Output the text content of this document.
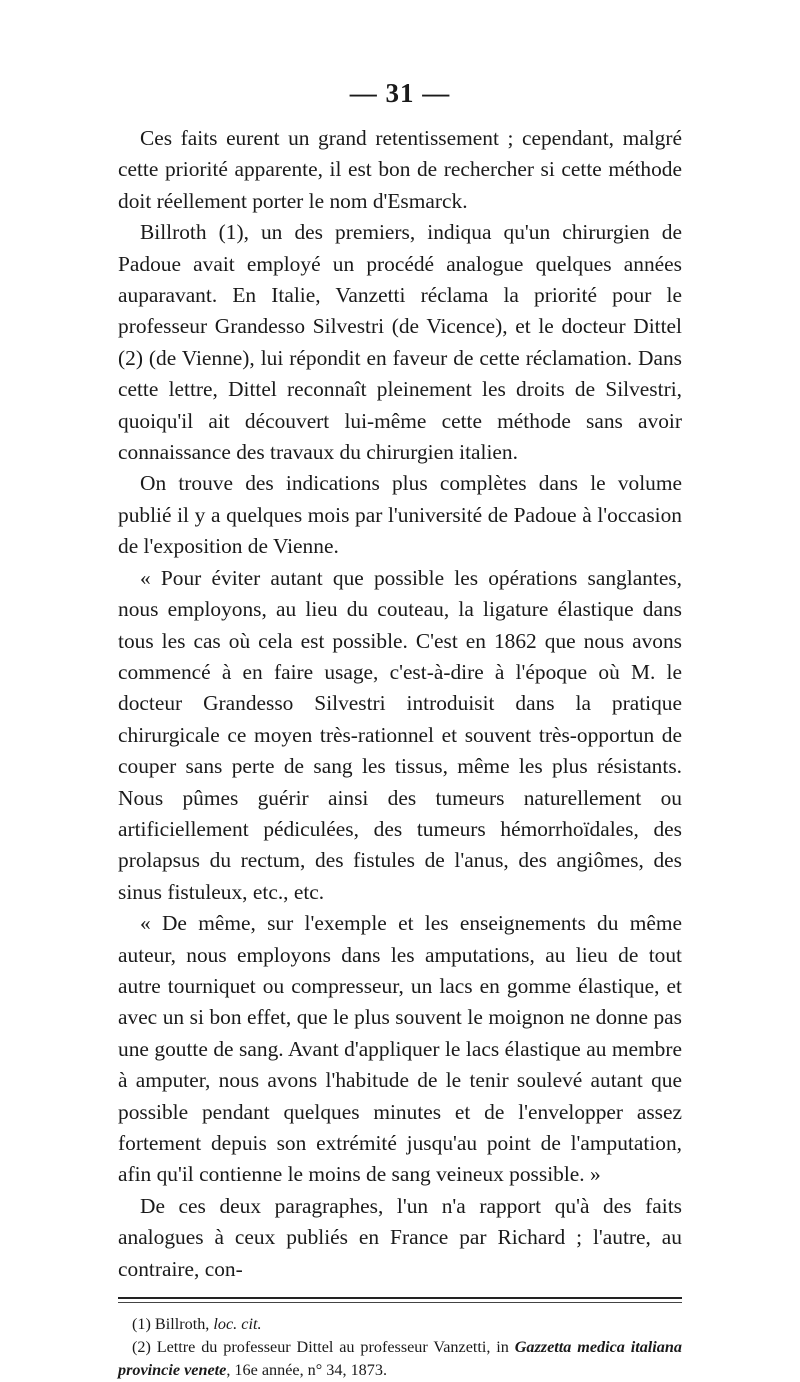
— 31 —

Ces faits eurent un grand retentissement ; cependant, malgré cette priorité apparente, il est bon de rechercher si cette méthode doit réellement porter le nom d'Esmarck.

Billroth (1), un des premiers, indiqua qu'un chirurgien de Padoue avait employé un procédé analogue quelques années auparavant. En Italie, Vanzetti réclama la priorité pour le professeur Grandesso Silvestri (de Vicence), et le docteur Dittel (2) (de Vienne), lui répondit en faveur de cette réclamation. Dans cette lettre, Dittel reconnaît pleinement les droits de Silvestri, quoiqu'il ait découvert lui-même cette méthode sans avoir connaissance des travaux du chirurgien italien.

On trouve des indications plus complètes dans le volume publié il y a quelques mois par l'université de Padoue à l'occasion de l'exposition de Vienne.

« Pour éviter autant que possible les opérations sanglantes, nous employons, au lieu du couteau, la ligature élastique dans tous les cas où cela est possible. C'est en 1862 que nous avons commencé à en faire usage, c'est-à-dire à l'époque où M. le docteur Grandesso Silvestri introduisit dans la pratique chirurgicale ce moyen très-rationnel et souvent très-opportun de couper sans perte de sang les tissus, même les plus résistants. Nous pûmes guérir ainsi des tumeurs naturellement ou artificiellement pédiculées, des tumeurs hémorrhoïdales, des prolapsus du rectum, des fistules de l'anus, des angiômes, des sinus fistuleux, etc., etc.

« De même, sur l'exemple et les enseignements du même auteur, nous employons dans les amputations, au lieu de tout autre tourniquet ou compresseur, un lacs en gomme élastique, et avec un si bon effet, que le plus souvent le moignon ne donne pas une goutte de sang. Avant d'appliquer le lacs élastique au membre à amputer, nous avons l'habitude de le tenir soulevé autant que possible pendant quelques minutes et de l'envelopper assez fortement depuis son extrémité jusqu'au point de l'amputation, afin qu'il contienne le moins de sang veineux possible. »

De ces deux paragraphes, l'un n'a rapport qu'à des faits analogues à ceux publiés en France par Richard ; l'autre, au contraire, con-

(1) Billroth, loc. cit.

(2) Lettre du professeur Dittel au professeur Vanzetti, in Gazzetta medica italiana provincie venete, 16e année, n° 34, 1873.
